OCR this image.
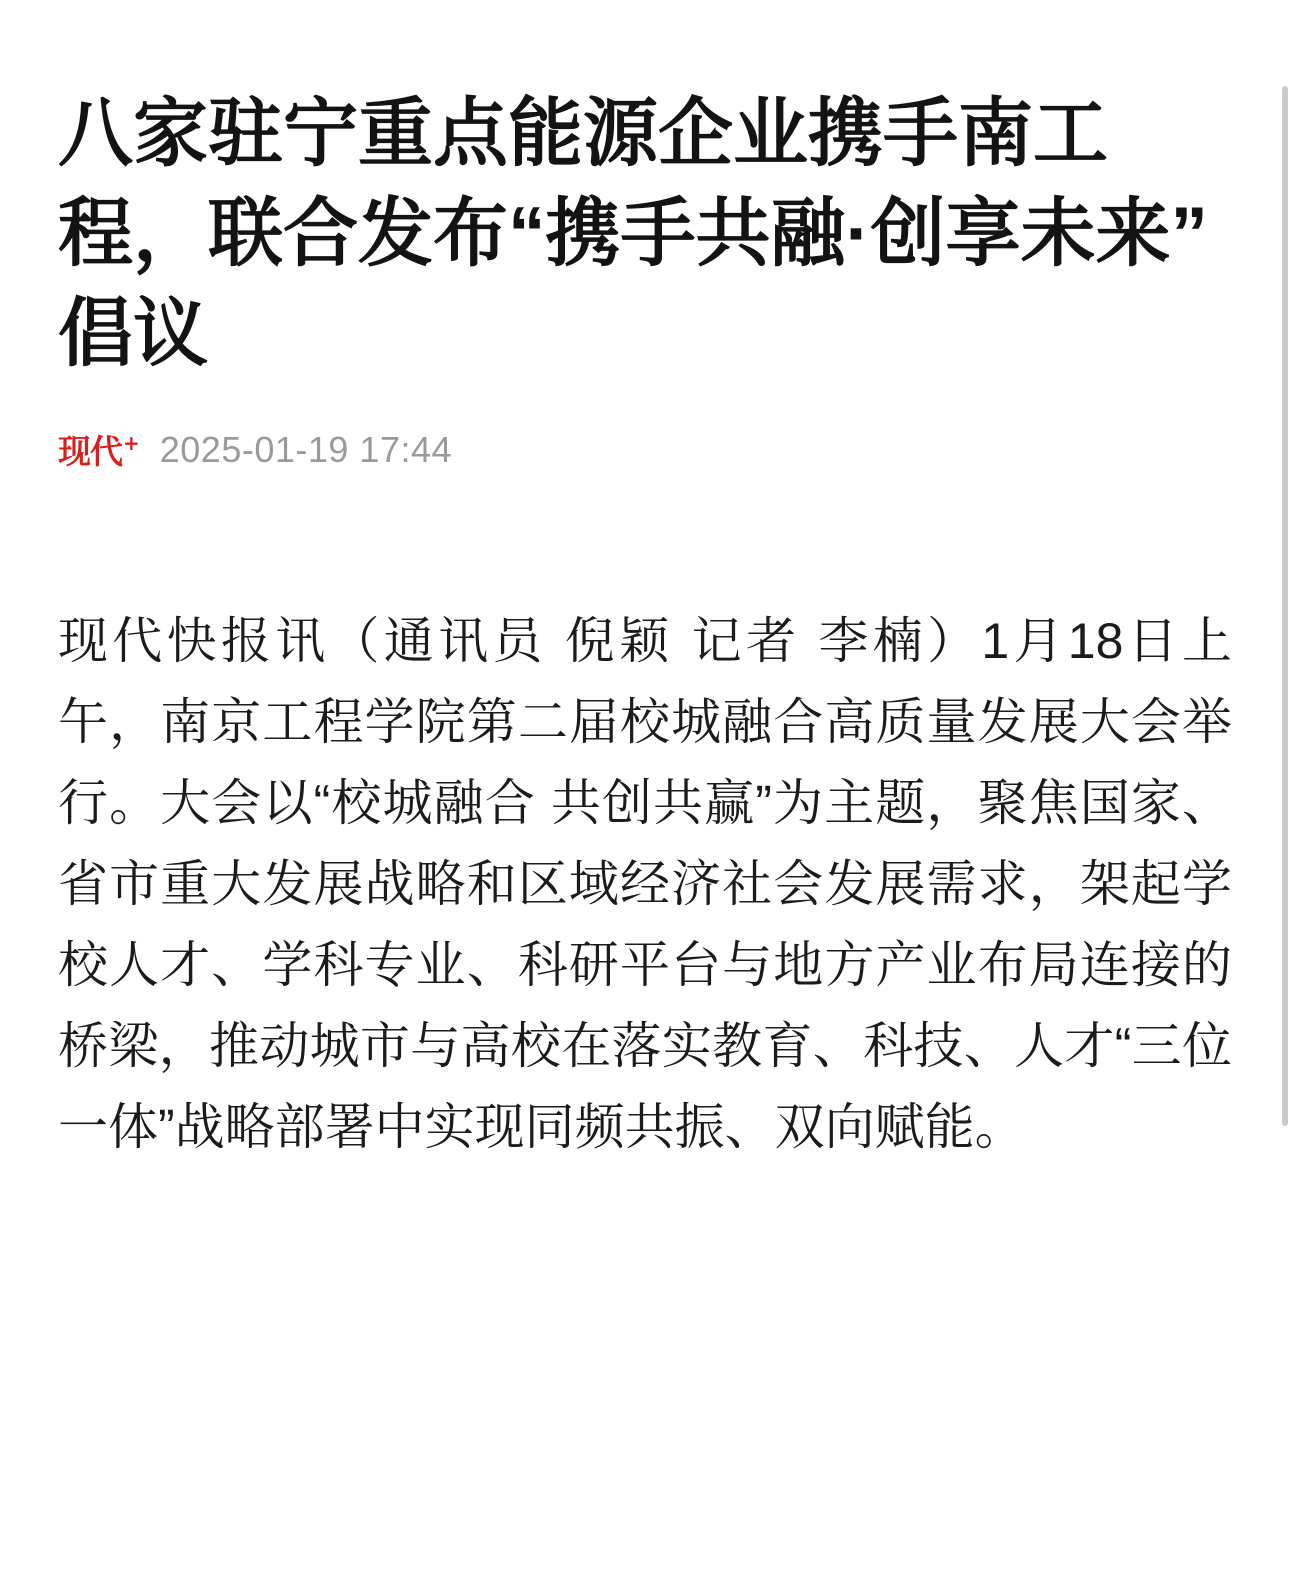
八家驻宁重点能源企业携手南工程，联合发布“携手共融·创享未来”倡议
现代 + 2025-01-19 17:44
现代快报讯（通讯员 倪颖 记者 李楠）1月18日上午，南京工程学院第二届校城融合高质量发展大会举行。大会以“校城融合 共创共赢”为主题，聚焦国家、省市重大发展战略和区域经济社会发展需求，架起学校人才、学科专业、科研平台与地方产业布局连接的桥梁，推动城市与高校在落实教育、科技、人才“三位一体”战略部署中实现同频共振、双向赋能。
